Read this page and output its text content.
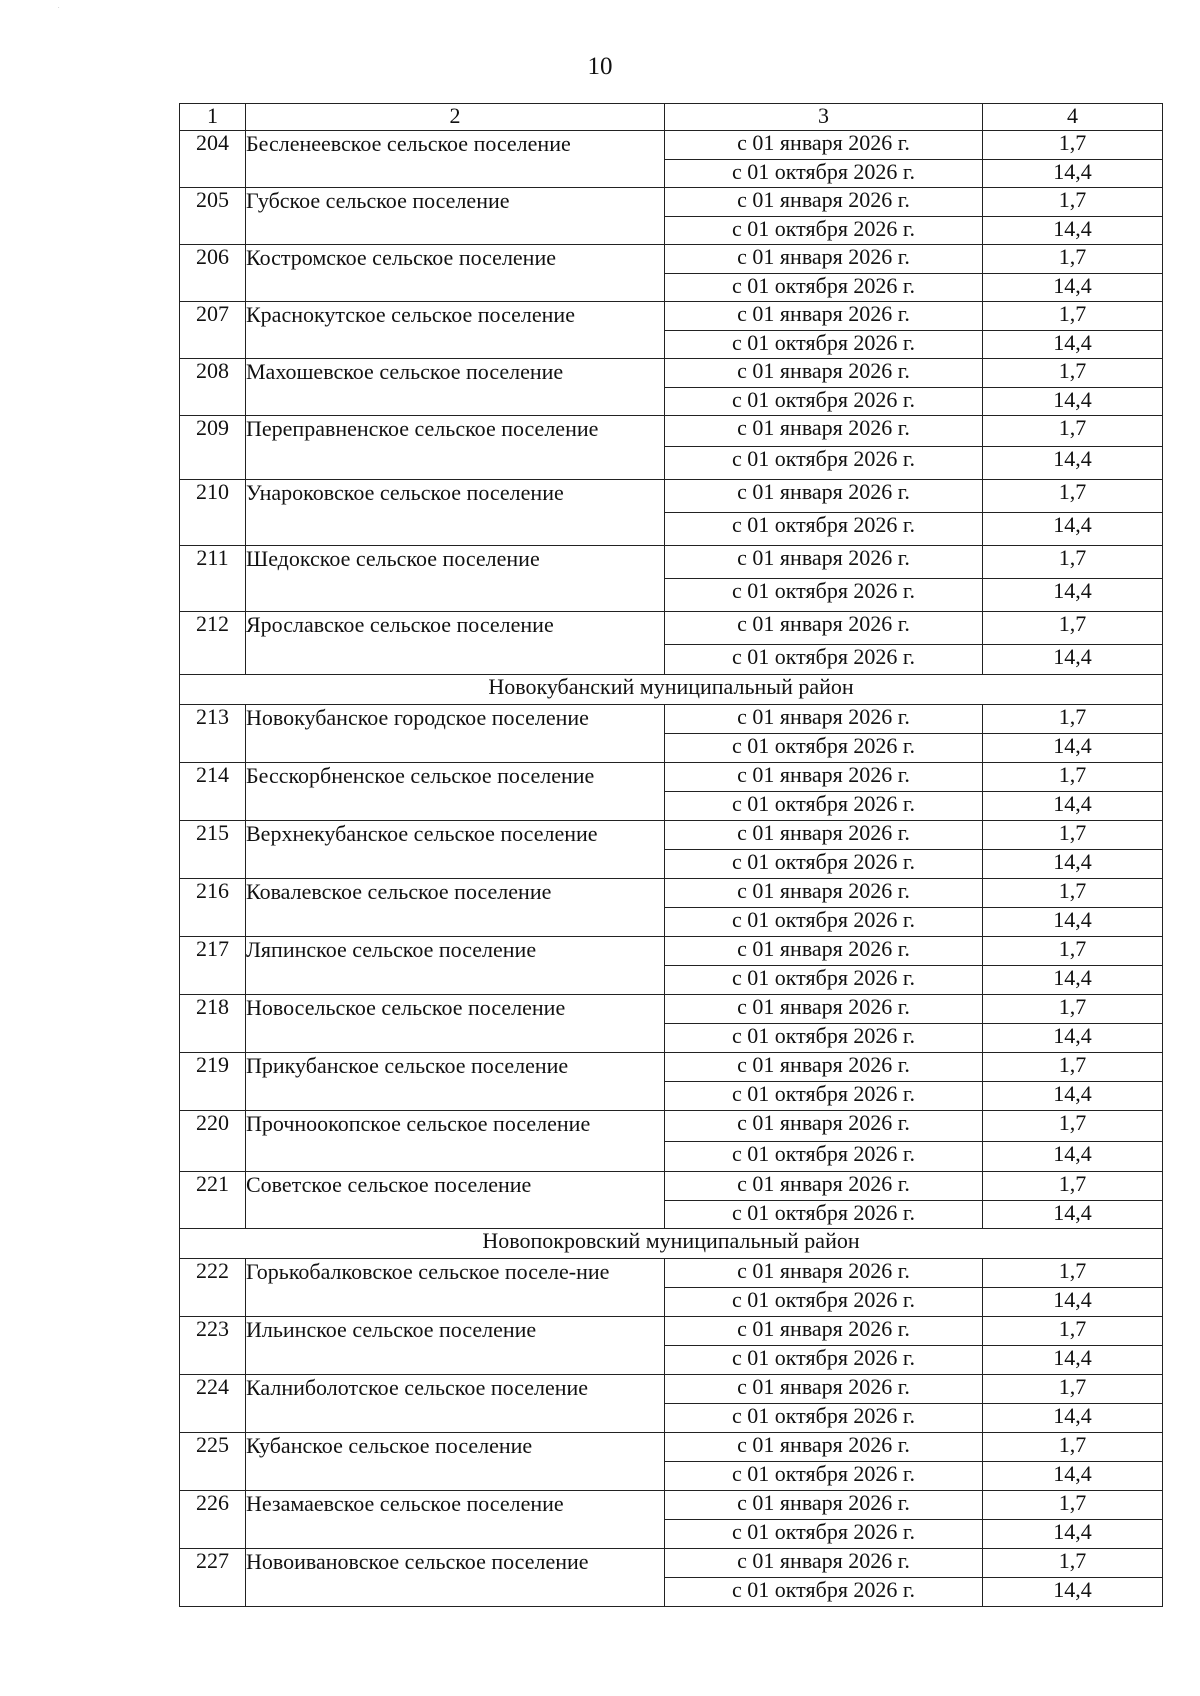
10
1	2	3	4
204	Бесленеевское сельское поселение	с 01 января 2026 г.	1,7
		с 01 октября 2026 г.	14,4
205	Губское сельское поселение	с 01 января 2026 г.	1,7
		с 01 октября 2026 г.	14,4
206	Костромское сельское поселение	с 01 января 2026 г.	1,7
		с 01 октября 2026 г.	14,4
207	Краснокутское сельское поселение	с 01 января 2026 г.	1,7
		с 01 октября 2026 г.	14,4
208	Махошевское сельское поселение	с 01 января 2026 г.	1,7
		с 01 октября 2026 г.	14,4
209	Переправненское сельское поселение	с 01 января 2026 г.	1,7
		с 01 октября 2026 г.	14,4
210	Унароковское сельское поселение	с 01 января 2026 г.	1,7
		с 01 октября 2026 г.	14,4
211	Шедокское сельское поселение	с 01 января 2026 г.	1,7
		с 01 октября 2026 г.	14,4
212	Ярославское сельское поселение	с 01 января 2026 г.	1,7
		с 01 октября 2026 г.	14,4
Новокубанский муниципальный район			
213	Новокубанское городское поселение	с 01 января 2026 г.	1,7
		с 01 октября 2026 г.	14,4
214	Бесскорбненское сельское поселение	с 01 января 2026 г.	1,7
		с 01 октября 2026 г.	14,4
215	Верхнекубанское сельское поселение	с 01 января 2026 г.	1,7
		с 01 октября 2026 г.	14,4
216	Ковалевское сельское поселение	с 01 января 2026 г.	1,7
		с 01 октября 2026 г.	14,4
217	Ляпинское сельское поселение	с 01 января 2026 г.	1,7
		с 01 октября 2026 г.	14,4
218	Новосельское сельское поселение	с 01 января 2026 г.	1,7
		с 01 октября 2026 г.	14,4
219	Прикубанское сельское поселение	с 01 января 2026 г.	1,7
		с 01 октября 2026 г.	14,4
220	Прочноокопское сельское поселение	с 01 января 2026 г.	1,7
		с 01 октября 2026 г.	14,4
221	Советское сельское поселение	с 01 января 2026 г.	1,7
		с 01 октября 2026 г.	14,4
Новопокровский муниципальный район			
222	Горькобалковское сельское поселе-ние	с 01 января 2026 г.	1,7
		с 01 октября 2026 г.	14,4
223	Ильинское сельское поселение	с 01 января 2026 г.	1,7
		с 01 октября 2026 г.	14,4
224	Калниболотское сельское поселение	с 01 января 2026 г.	1,7
		с 01 октября 2026 г.	14,4
225	Кубанское сельское поселение	с 01 января 2026 г.	1,7
		с 01 октября 2026 г.	14,4
226	Незамаевское сельское поселение	с 01 января 2026 г.	1,7
		с 01 октября 2026 г.	14,4
227	Новоивановское сельское поселение	с 01 января 2026 г.	1,7
		с 01 октября 2026 г.	14,4
.
